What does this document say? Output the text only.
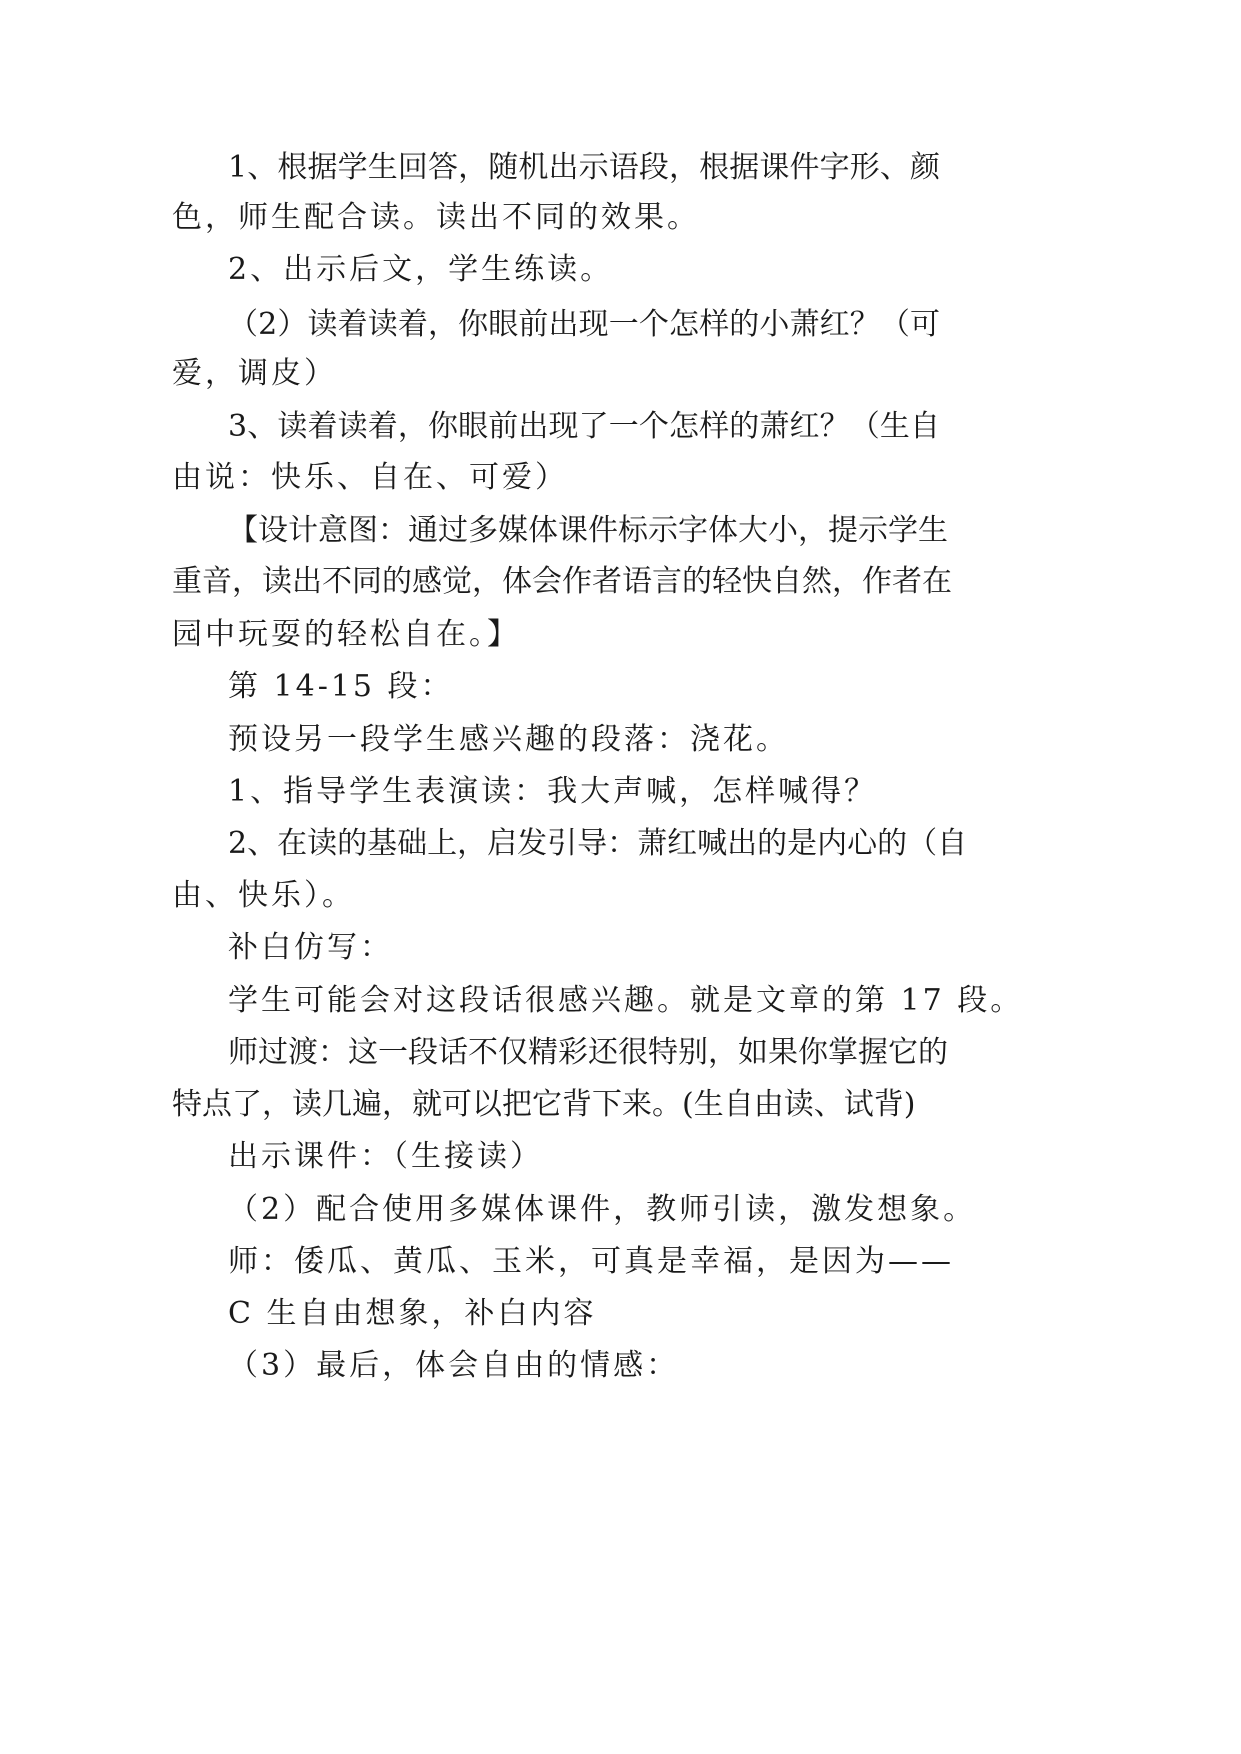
1、根据学生回答，随机出示语段，根据课件字形、颜
色，师生配合读。读出不同的效果。
2、出示后文，学生练读。
（2）读着读着，你眼前出现一个怎样的小萧红？（可
爱，调皮）
3、读着读着，你眼前出现了一个怎样的萧红？（生自
由说：快乐、自在、可爱）
【设计意图：通过多媒体课件标示字体大小，提示学生
重音，读出不同的感觉，体会作者语言的轻快自然，作者在
园中玩耍的轻松自在。】
第 14-15 段：
预设另一段学生感兴趣的段落：浇花。
1、指导学生表演读：我大声喊，怎样喊得？
2、在读的基础上，启发引导：萧红喊出的是内心的（自
由、快乐）。
补白仿写：
学生可能会对这段话很感兴趣。就是文章的第 17 段。
师过渡：这一段话不仅精彩还很特别，如果你掌握它的
特点了，读几遍，就可以把它背下来。(生自由读、试背)
出示课件：（生接读）
（2）配合使用多媒体课件，教师引读，激发想象。
师：倭瓜、黄瓜、玉米，可真是幸福，是因为——
C 生自由想象，补白内容
（3）最后，体会自由的情感：
